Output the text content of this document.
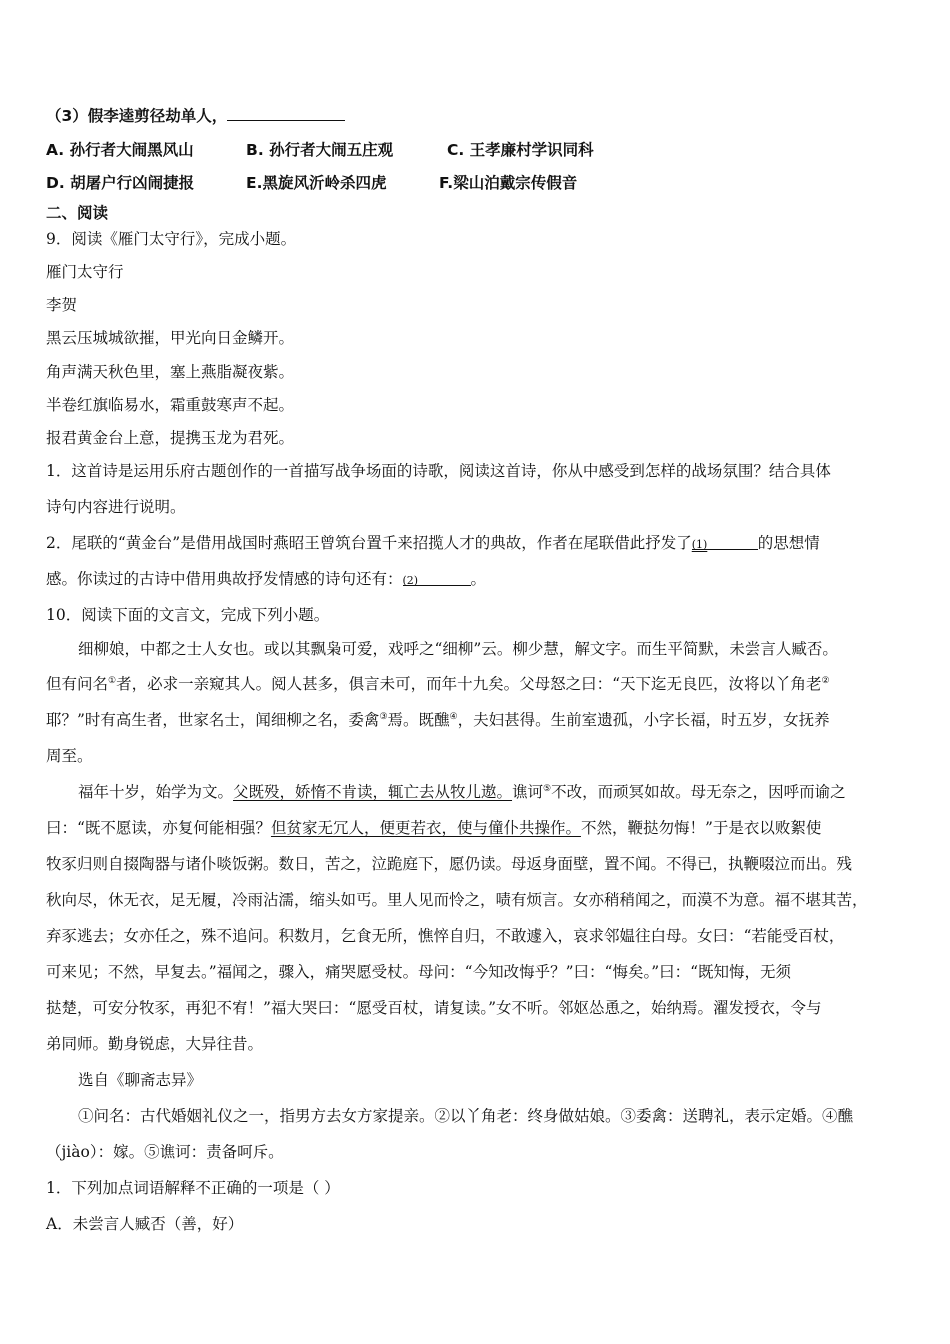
（3）假李逵剪径劫单人，
A. 孙行者大闹黑风山	B. 孙行者大闹五庄观	C. 王孝廉村学识同科
D. 胡屠户行凶闹捷报	E.黑旋风沂岭杀四虎	F.梁山泊戴宗传假音
二、阅读
9．阅读《雁门太守行》，完成小题。
雁门太守行
李贺
黑云压城城欲摧，甲光向日金鳞开。
角声满天秋色里，塞上燕脂凝夜紫。
半卷红旗临易水，霜重鼓寒声不起。
报君黄金台上意，提携玉龙为君死。
1．这首诗是运用乐府古题创作的一首描写战争场面的诗歌，阅读这首诗，你从中感受到怎样的战场氛围？结合具体
诗句内容进行说明。
2．尾联的“黄金台”是借用战国时燕昭王曾筑台置千来招揽人才的典故，作者在尾联借此抒发了(1)	的思想情
感。你读过的古诗中借用典故抒发情感的诗句还有：(2)	。
10．阅读下面的文言文，完成下列小题。
细柳娘，中都之士人女也。或以其飘枭可爱，戏呼之“细柳”云。柳少慧，解文字。而生平简默，未尝言人臧否。
但有问名①者，必求一亲窥其人。阅人甚多，俱言未可，而年十九矣。父母怒之曰：“天下迄无良匹，汝将以丫角老②
耶？”时有高生者，世家名士，闻细柳之名，委禽③焉。既醮④，夫妇甚得。生前室遗孤，小字长福，时五岁，女抚养
周至。
福年十岁，始学为文。父既殁，娇惰不肯读，辄亡去从牧儿遨。谯诃⑤不改，而顽冥如故。母无奈之，因呼而谕之
曰：“既不愿读，亦复何能相强？但贫家无冗人，便更若衣，使与僮仆共操作。不然，鞭挞勿悔！”于是衣以败絮使
牧豕归则自掇陶器与诸仆啖饭粥。数日，苦之，泣跪庭下，愿仍读。母返身面壁，置不闻。不得已，执鞭啜泣而出。残
秋向尽，休无衣，足无履，冷雨沾濡，缩头如丐。里人见而怜之，啧有烦言。女亦稍稍闻之，而漠不为意。福不堪其苦，
弃豕逃去；女亦任之，殊不追问。积数月，乞食无所，憔悴自归，不敢遽入，哀求邻媪往白母。女曰：“若能受百杖，
可来见；不然，早复去。”福闻之，骤入，痛哭愿受杖。母问：“今知改悔乎？”曰：“悔矣。”曰：“既知悔，无须
挞楚，可安分牧豕，再犯不宥！”福大哭曰：“愿受百杖，请复读。”女不听。邻妪怂恿之，始纳焉。濯发授衣，令与
弟同师。勤身锐虑，大异往昔。
选自《聊斋志异》
①问名：古代婚姻礼仪之一，指男方去女方家提亲。②以丫角老：终身做姑娘。③委禽：送聘礼，表示定婚。④醮
（jiào）：嫁。⑤谯诃：责备呵斥。
1．下列加点词语解释不正确的一项是（ ）
A．未尝言人臧否（善，好）
